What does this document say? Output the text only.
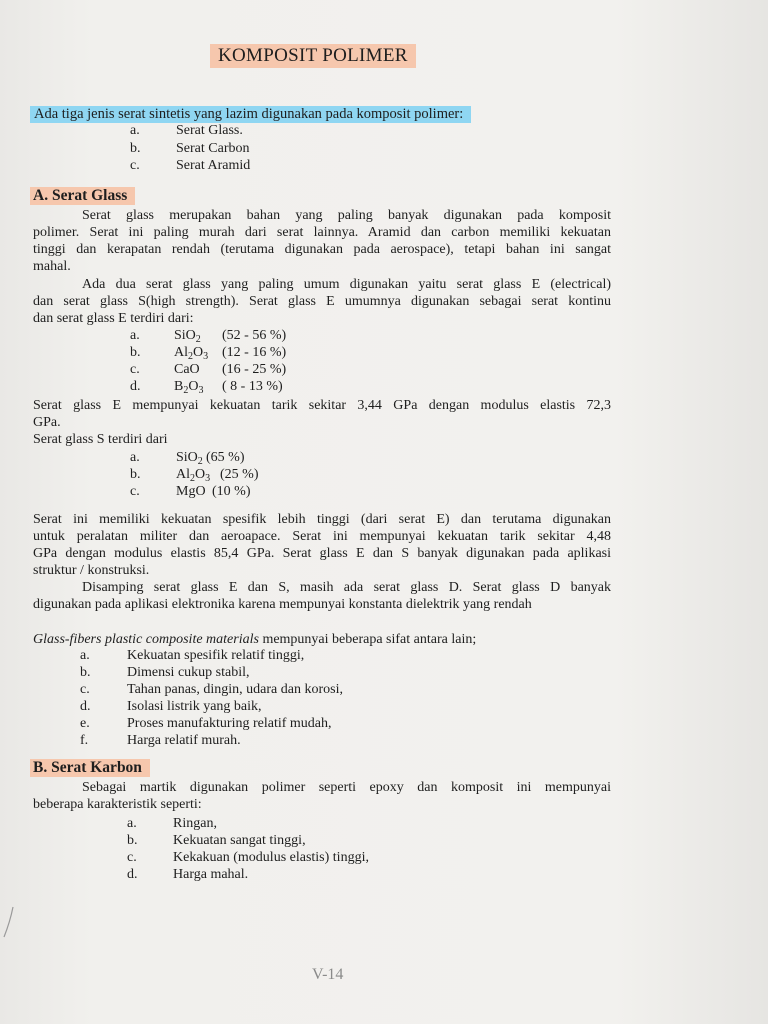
KOMPOSIT POLIMER
Ada tiga jenis serat sintetis yang lazim digunakan pada komposit polimer:
a.	Serat Glass.
b.	Serat Carbon
c.	Serat Aramid
A. Serat Glass
Serat glass merupakan bahan yang paling banyak digunakan pada komposit
polimer. Serat ini paling murah dari serat lainnya. Aramid dan carbon memiliki kekuatan
tinggi dan kerapatan rendah (terutama digunakan pada aerospace), tetapi bahan ini sangat
mahal.
Ada dua serat glass yang paling umum digunakan yaitu serat glass E (electrical)
dan serat glass S(high strength). Serat glass E umumnya digunakan sebagai serat kontinu
dan serat glass E terdiri dari:
a. SiO$_2$ (52 - 56 %)
b. $Al_2O_3$ (12 - 16 %)
c. CaO (16 - 25 %)
d. $B_2O_3$ ( 8 - 13 %)
Serat glass E mempunyai kekuatan tarik sekitar 3,44 GPa dengan modulus elastis 72,3
GPa.
Serat glass S terdiri dari
a.	SiO$_2$ (65 %)
b.	$Al_2O_3$ (25 %)
c.	MgO (10 %)
Serat ini memiliki kekuatan spesifik lebih tinggi (dari serat E) dan terutama digunakan
untuk peralatan militer dan aeroapace. Serat ini mempunyai kekuatan tarik sekitar 4,48
GPa dengan modulus elastis 85,4 GPa. Serat glass E dan S banyak digunakan pada aplikasi
struktur / konstruksi.
Disamping serat glass E dan S, masih ada serat glass D. Serat glass D banyak
digunakan pada aplikasi elektronika karena mempunyai konstanta dielektrik yang rendah
Glass-fibers plastic composite materials mempunyai beberapa sifat antara lain;
a.	Kekuatan spesifik relatif tinggi,
b.	Dimensi cukup stabil,
c.	Tahan panas, dingin, udara dan korosi,
d.	Isolasi listrik yang baik,
e.	Proses manufakturing relatif mudah,
f.	Harga relatif murah.
B. Serat Karbon
Sebagai martik digunakan polimer seperti epoxy dan komposit ini mempunyai
beberapa karakteristik seperti:
a.	Ringan,
b.	Kekuatan sangat tinggi,
c.	Kekakuan (modulus elastis) tinggi,
d.	Harga mahal.
V-14
